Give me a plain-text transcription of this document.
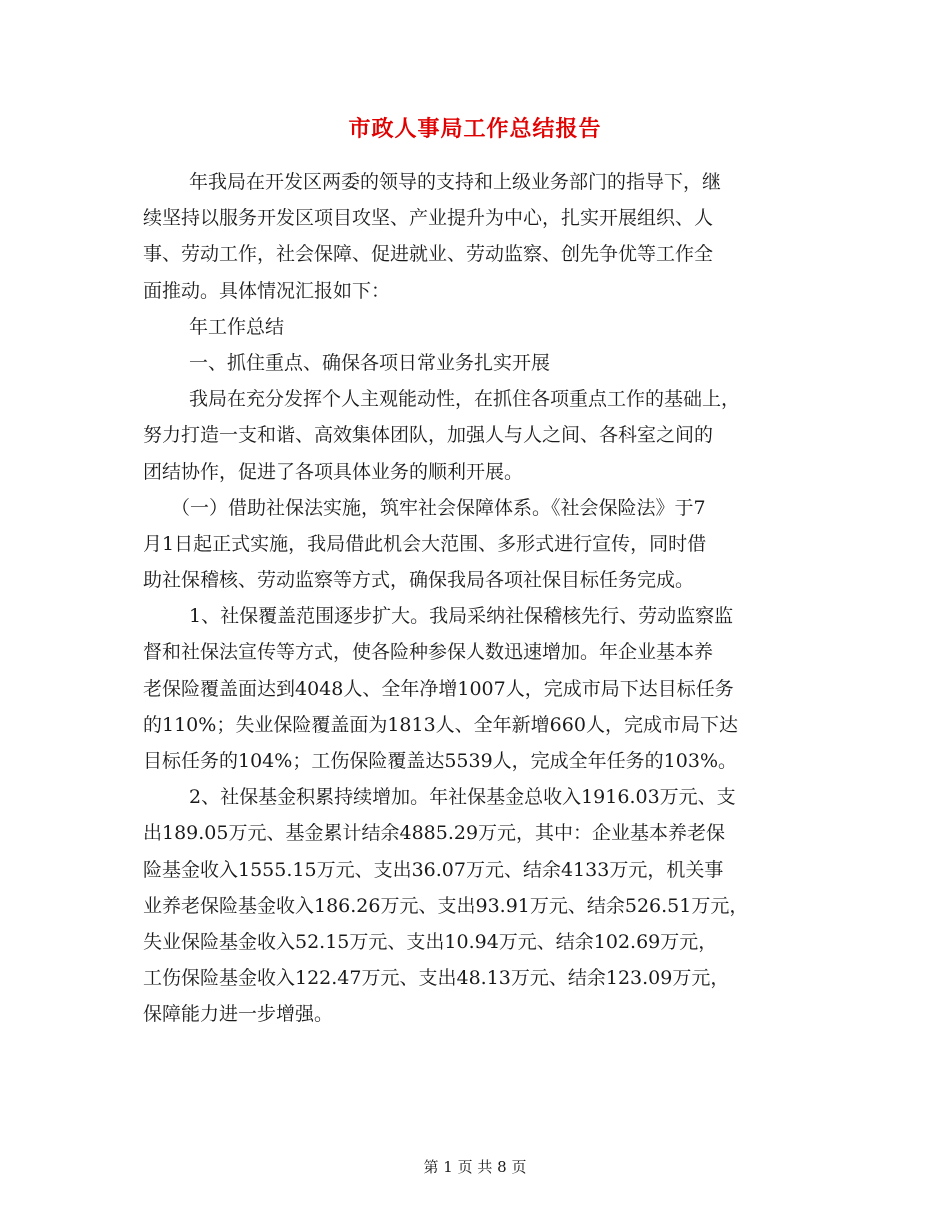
市政人事局工作总结报告
年我局在开发区两委的领导的支持和上级业务部门的指导下，继
续坚持以服务开发区项目攻坚、产业提升为中心，扎实开展组织、人
事、劳动工作，社会保障、促进就业、劳动监察、创先争优等工作全
面推动。具体情况汇报如下：
年工作总结
一、抓住重点、确保各项日常业务扎实开展
我局在充分发挥个人主观能动性，在抓住各项重点工作的基础上，
努力打造一支和谐、高效集体团队，加强人与人之间、各科室之间的
团结协作，促进了各项具体业务的顺利开展。
（一）借助社保法实施，筑牢社会保障体系。《社会保险法》于7
月1日起正式实施，我局借此机会大范围、多形式进行宣传，同时借
助社保稽核、劳动监察等方式，确保我局各项社保目标任务完成。
1、社保覆盖范围逐步扩大。我局采纳社保稽核先行、劳动监察监
督和社保法宣传等方式，使各险种参保人数迅速增加。年企业基本养
老保险覆盖面达到4048人、全年净增1007人，完成市局下达目标任务
的110%；失业保险覆盖面为1813人、全年新增660人，完成市局下达
目标任务的104%；工伤保险覆盖达5539人，完成全年任务的103%。
2、社保基金积累持续增加。年社保基金总收入1916.03万元、支
出189.05万元、基金累计结余4885.29万元，其中：企业基本养老保
险基金收入1555.15万元、支出36.07万元、结余4133万元，机关事
业养老保险基金收入186.26万元、支出93.91万元、结余526.51万元，
失业保险基金收入52.15万元、支出10.94万元、结余102.69万元，
工伤保险基金收入122.47万元、支出48.13万元、结余123.09万元，
保障能力进一步增强。
第 1 页 共 8 页
